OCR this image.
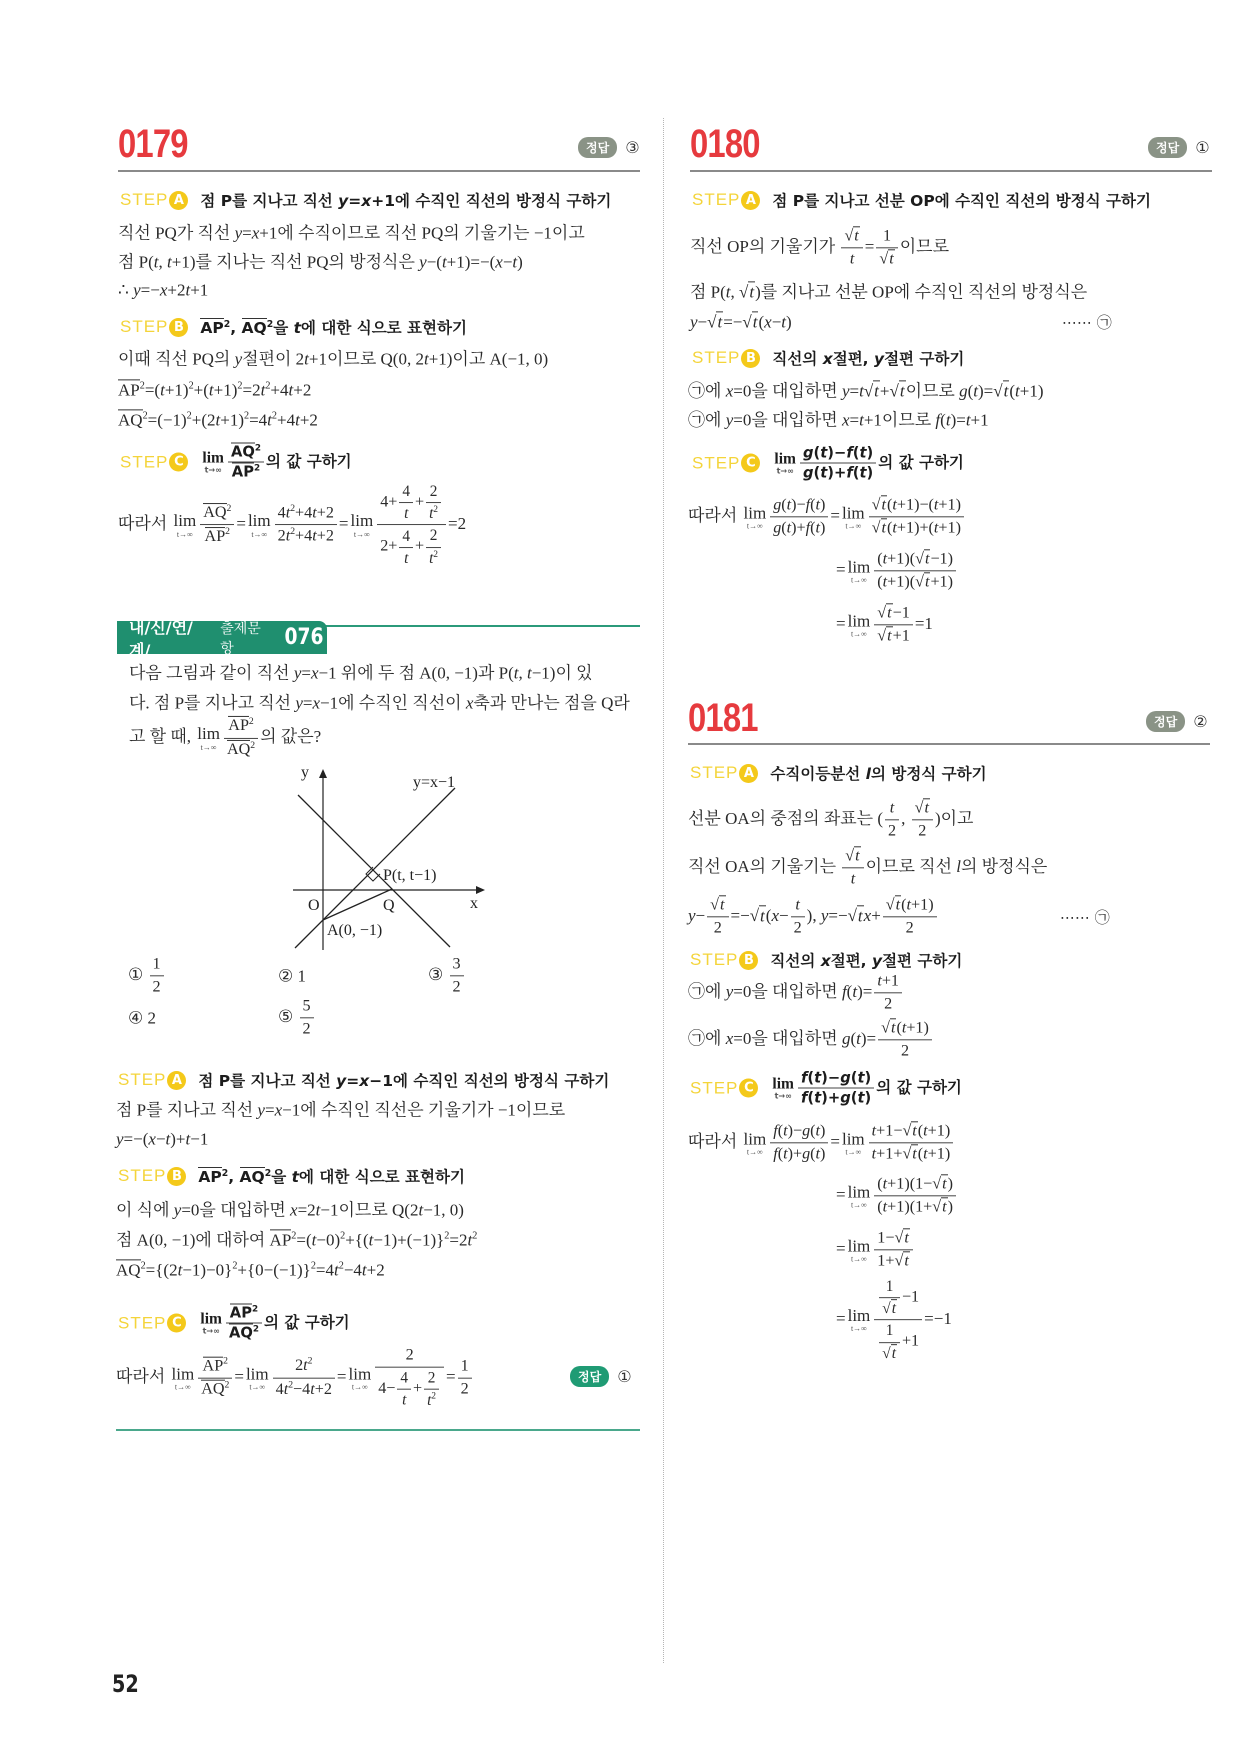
0179	정답	③
STEP A 점 P를 지나고 직선 y=x+1에 수직인 직선의 방정식 구하기
직선 PQ가 직선 y=x+1에 수직이므로 직선 PQ의 기울기는 −1이고
점 P(t, t+1)를 지나는 직선 PQ의 방정식은 y−(t+1)=−(x−t)
∴ y=−x+2t+1
STEP B $AP^2$, $AQ^2$을 t에 대한 식으로 표현하기
이때 직선 PQ의 y절편이 2t+1이므로 Q(0, 2t+1)이고 A(−1, 0)
$AP^2=(t+1)^2+(t+1)^2=2t^2+4t+2$
$AQ^2=(-1)^2+(2t+1)^2=4t^2+4t+2$
STEP C	lim
$t\to\infty \frac{AQ^2}{AP^2}$ 의 값 구하기
따라서 lim
$t\to\infty \frac{AQ^2}{AP^2} = \lim$
$t\to\infty \frac{4t^2+4t+2}{2t^2+4t+2} = \lim$
$t\to\infty \frac{4+ \frac{4}{t} + \frac{2}{t^2}}{2+ \frac{4}{t} + \frac{2}{t^2}} =2$
내/신/연/계/
출제문항	076
다음 그림과 같이 직선 y=x−1 위에 두 점 A(0, −1)과 P(t, t−1)이 있
다. 점 P를 지나고 직선 y=x−1에 수직인 직선이 x축과 만나는 점을 Q라
고 할 때, lim
$t\to\infty \frac{AP^2}{AQ^2}$ 의 값은?
y
x
O
y=x−1
P(t, t−1)
Q
A(0, −1)
① $\frac{1}{2}$	② 1	③ $\frac{3}{2}$
④ 2	⑤ $\frac{5}{2}$
STEP A 점 P를 지나고 직선 y=x−1에 수직인 직선의 방정식 구하기
점 P를 지나고 직선 y=x−1에 수직인 직선은 기울기가 −1이므로
y=−(x−t)+t−1
STEP B $AP^2$, $AQ^2$을 t에 대한 식으로 표현하기
이 식에 y=0을 대입하면 x=2t−1이므로 Q(2t−1, 0)
점 A(0, −1)에 대하여 $AP^2=(t-0)^2+\{(t-1)+(-1)\}^2=2t^2$
$AQ^2=\{(2t-1)-0\}^2+\{0-(-1)\}^2=4t^2-4t+2$
STEP C	lim
$t\to\infty \frac{AP^2}{AQ^2}$ 의 값 구하기
따라서 lim
$t\to\infty \frac{AP^2}{AQ^2} = \lim$
$t\to\infty \frac{2t^2}{4t^2-4t+2} = \lim$
$t\to\infty \frac{2}{4- \frac{4}{t} + \frac{2}{t^2}} = \frac{1}{2}$	정답	①
0180	정답	①
STEP A 점 P를 지나고 선분 OP에 수직인 직선의 방정식 구하기
직선 OP의 기울기가 $\frac{√t}{t} = \frac{1}{√t}$ 이므로
점 P(t, √t)를 지나고 선분 OP에 수직인 직선의 방정식은
y−√t=−√t(x−t)	⋯⋯ ㉠
STEP B 직선의 x절편, y절편 구하기
㉠에 x=0을 대입하면 y=t√t+√t이므로 g(t)=√t(t+1)
㉠에 y=0을 대입하면 x=t+1이므로 f(t)=t+1
STEP C	lim
$t\to\infty \frac{g(t)-f(t)}{g(t)+f(t)}$ 의 값 구하기
따라서 lim
$t\to\infty \frac{g(t)-f(t)}{g(t)+f(t)} = \lim$
$t\to\infty \frac{√t(t+1)-(t+1)}{√t(t+1)+(t+1)}$
= lim
$t\to\infty \frac{(t+1)(√t-1)}{(t+1)(√t+1)}$
= lim
$t\to\infty \frac{√t-1}{√t+1} =1$
0181	정답	②
STEP A 수직이등분선 l의 방정식 구하기
선분 OA의 중점의 좌표는 ( $\frac{t}{2}$ , $\frac{√t}{2}$ )이고
직선 OA의 기울기는 $\frac{√t}{t}$ 이므로 직선 l의 방정식은
$y- \frac{√t}{2} =-√t(x- \frac{t}{2}$ ), $y=-√tx+ \frac{√t(t+1)}{2}$	⋯⋯ ㉠
STEP B 직선의 x절편, y절편 구하기
㉠에 y=0을 대입하면 $f(t)= \frac{t+1}{2}$
㉠에 x=0을 대입하면 $g(t)= \frac{√t(t+1)}{2}$
STEP C	lim
$t\to\infty \frac{f(t)-g(t)}{f(t)+g(t)}$ 의 값 구하기
따라서 lim
$t\to\infty \frac{f(t)-g(t)}{f(t)+g(t)} = \lim$
$t\to\infty \frac{t+1-√t(t+1)}{t+1+√t(t+1)}$
= lim
$t\to\infty \frac{(t+1)(1-√t)}{(t+1)(1+√t)}$
= lim
$t\to\infty \frac{1-√t}{1+√t}$
= lim
$t\to\infty \frac{\frac{1}{√t} -1}{\frac{1}{√t} +1} =-1$
52
